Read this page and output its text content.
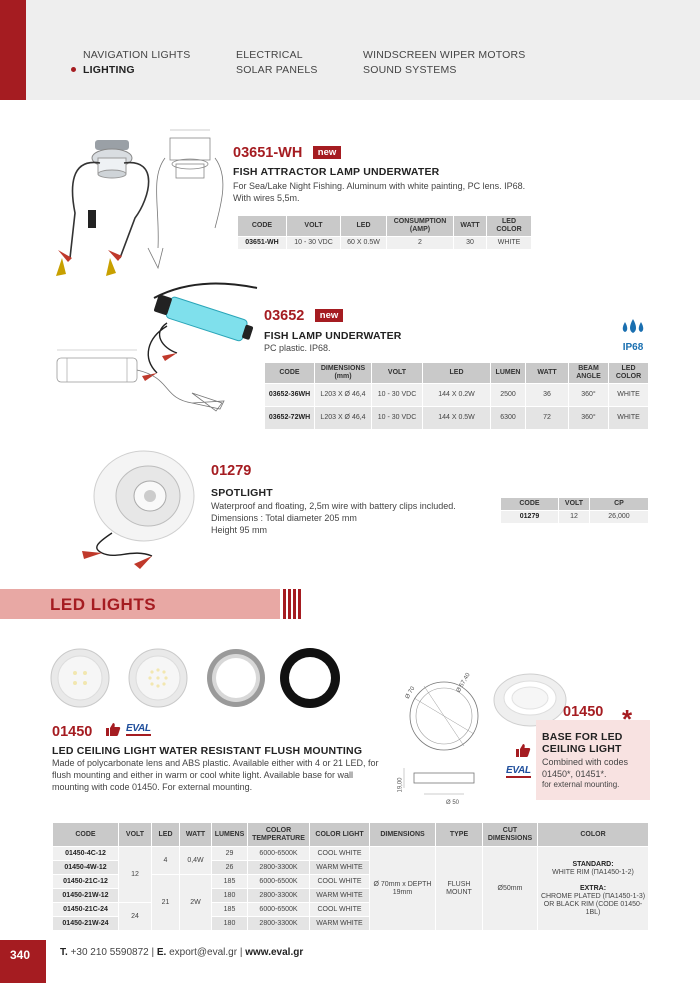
NAVIGATION LIGHTS
LIGHTING
ELECTRICAL
SOLAR PANELS
WINDSCREEN WIPER MOTORS
SOUND SYSTEMS
03651-WH new
FISH ATTRACTOR LAMP UNDERWATER
For Sea/Lake Night Fishing. Aluminum with white painting, PC lens. IP68. With wires 5,5m.
CODE	VOLT	LED	CONSUMPTION (AMP)	WATT	LED COLOR
03651-WH	10 - 30 VDC	60 X 0.5W	2	30	WHITE
03652 new
FISH LAMP UNDERWATER
PC plastic. IP68.	IP68
CODE	DIMENSIONS (mm)	VOLT	LED	LUMEN	WATT	BEAM ANGLE	LED COLOR
03652-36WH	L203 X Ø 46,4	10 - 30 VDC	144 X 0.2W	2500	36	360°	WHITE
03652-72WH	L203 X Ø 46,4	10 - 30 VDC	144 X 0.5W	6300	72	360°	WHITE
01279
SPOTLIGHT
Waterproof and floating, 2,5m wire with battery clips included.
Dimensions : Total diameter 205 mm
Height 95 mm
CODE	VOLT	CP
01279	12	26,000
LED LIGHTS
01450	EVAL
LED CEILING LIGHT WATER RESISTANT FLUSH MOUNTING
Made of polycarbonate lens and ABS plastic. Available either with 4 or 21 LED, for flush mounting and either in warm or cool white light. Available base for wall mounting with code 01450. For external mounting.
Ø 70	Ø 57,40
19,00
Ø 50
01450 *
BASE FOR LED CEILING LIGHT
Combined with codes 01450*, 01451*.
for external mounting.
EVAL
CODE	VOLT	LED	WATT	LUMENS	COLOR TEMPERATURE	COLOR LIGHT	DIMENSIONS	TYPE	CUT DIMENSIONS	COLOR
01450-4C-12	12	4	0,4W	29	6000-6500K	COOL WHITE	Ø 70mm x DEPTH 19mm	FLUSH MOUNT	Ø50mm	STANDARD:
WHITE RIM (ΠΑ1450-1-2)
EXTRA:
CHROME PLATED (ΠΑ1450-1-3) OR BLACK RIM (CODE 01450-1BL)

01450-4W-12				26	2800-3300K	WARM WHITE				
01450-21C-12		21	2W	185	6000-6500K	COOL WHITE				
01450-21W-12				180	2800-3300K	WARM WHITE				
01450-21C-24	24			185	6000-6500K	COOL WHITE				
01450-21W-24				180	2800-3300K	WARM WHITE				
340	T. +30 210 5590872 | E. export@eval.gr | www.eval.gr
